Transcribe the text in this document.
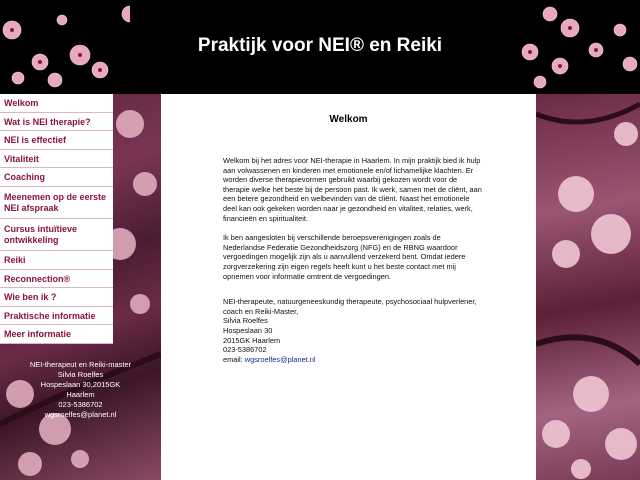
Praktijk voor NEI® en Reiki
Welkom
Wat is NEI therapie?
NEI is effectief
Vitaliteit
Coaching
Meenemen op de eerste NEI afspraak
Cursus intuïtieve ontwikkeling
Reiki
Reconnection®
Wie ben ik ?
Praktische informatie
Meer informatie
NEI-therapeut en Reiki-master
Silvia Roelfes
Hospeslaan 30,2015GK
Haarlem
023-5386702
wgsroelfes@planet.nl
Welkom

Welkom bij het adres voor NEI-therapie in Haarlem. In mijn praktijk bied ik hulp aan volwassenen en kinderen met emotionele en/of lichamelijke klachten. Er worden diverse therapievormen gebruikt waarbij gekozen wordt voor de therapie welke het beste bij de persoon past. Ik werk, samen met de cliënt, aan een betere gezondheid en welbevinden van de cliënt. Naast het emotionele deel kan ook gekeken worden naar je gezondheid en vitaliteit, relaties, werk, financieën en spiritualiteit.

Ik ben aangesloten bij verschillende beroepsverenigingen zoals de Nederlandse Federatie Gezondheidszorg (NFG) en de RBNG waardoor vergoedingen mogelijk zijn als u aanvullend verzekerd bent. Omdat iedere zorgverzekering zijn eigen regels heeft kunt u het beste contact met mij opnemen voor informatie omtrent de vergoedingen.

NEI-therapeute, natuurgeneeskundig therapeute, psychosociaal hulpverlener, coach en Reiki-Master,
Silvia Roelfes
Hospeslaan 30
2015GK Haarlem
023-5386702
email: wgsroelfes@planet.nl
